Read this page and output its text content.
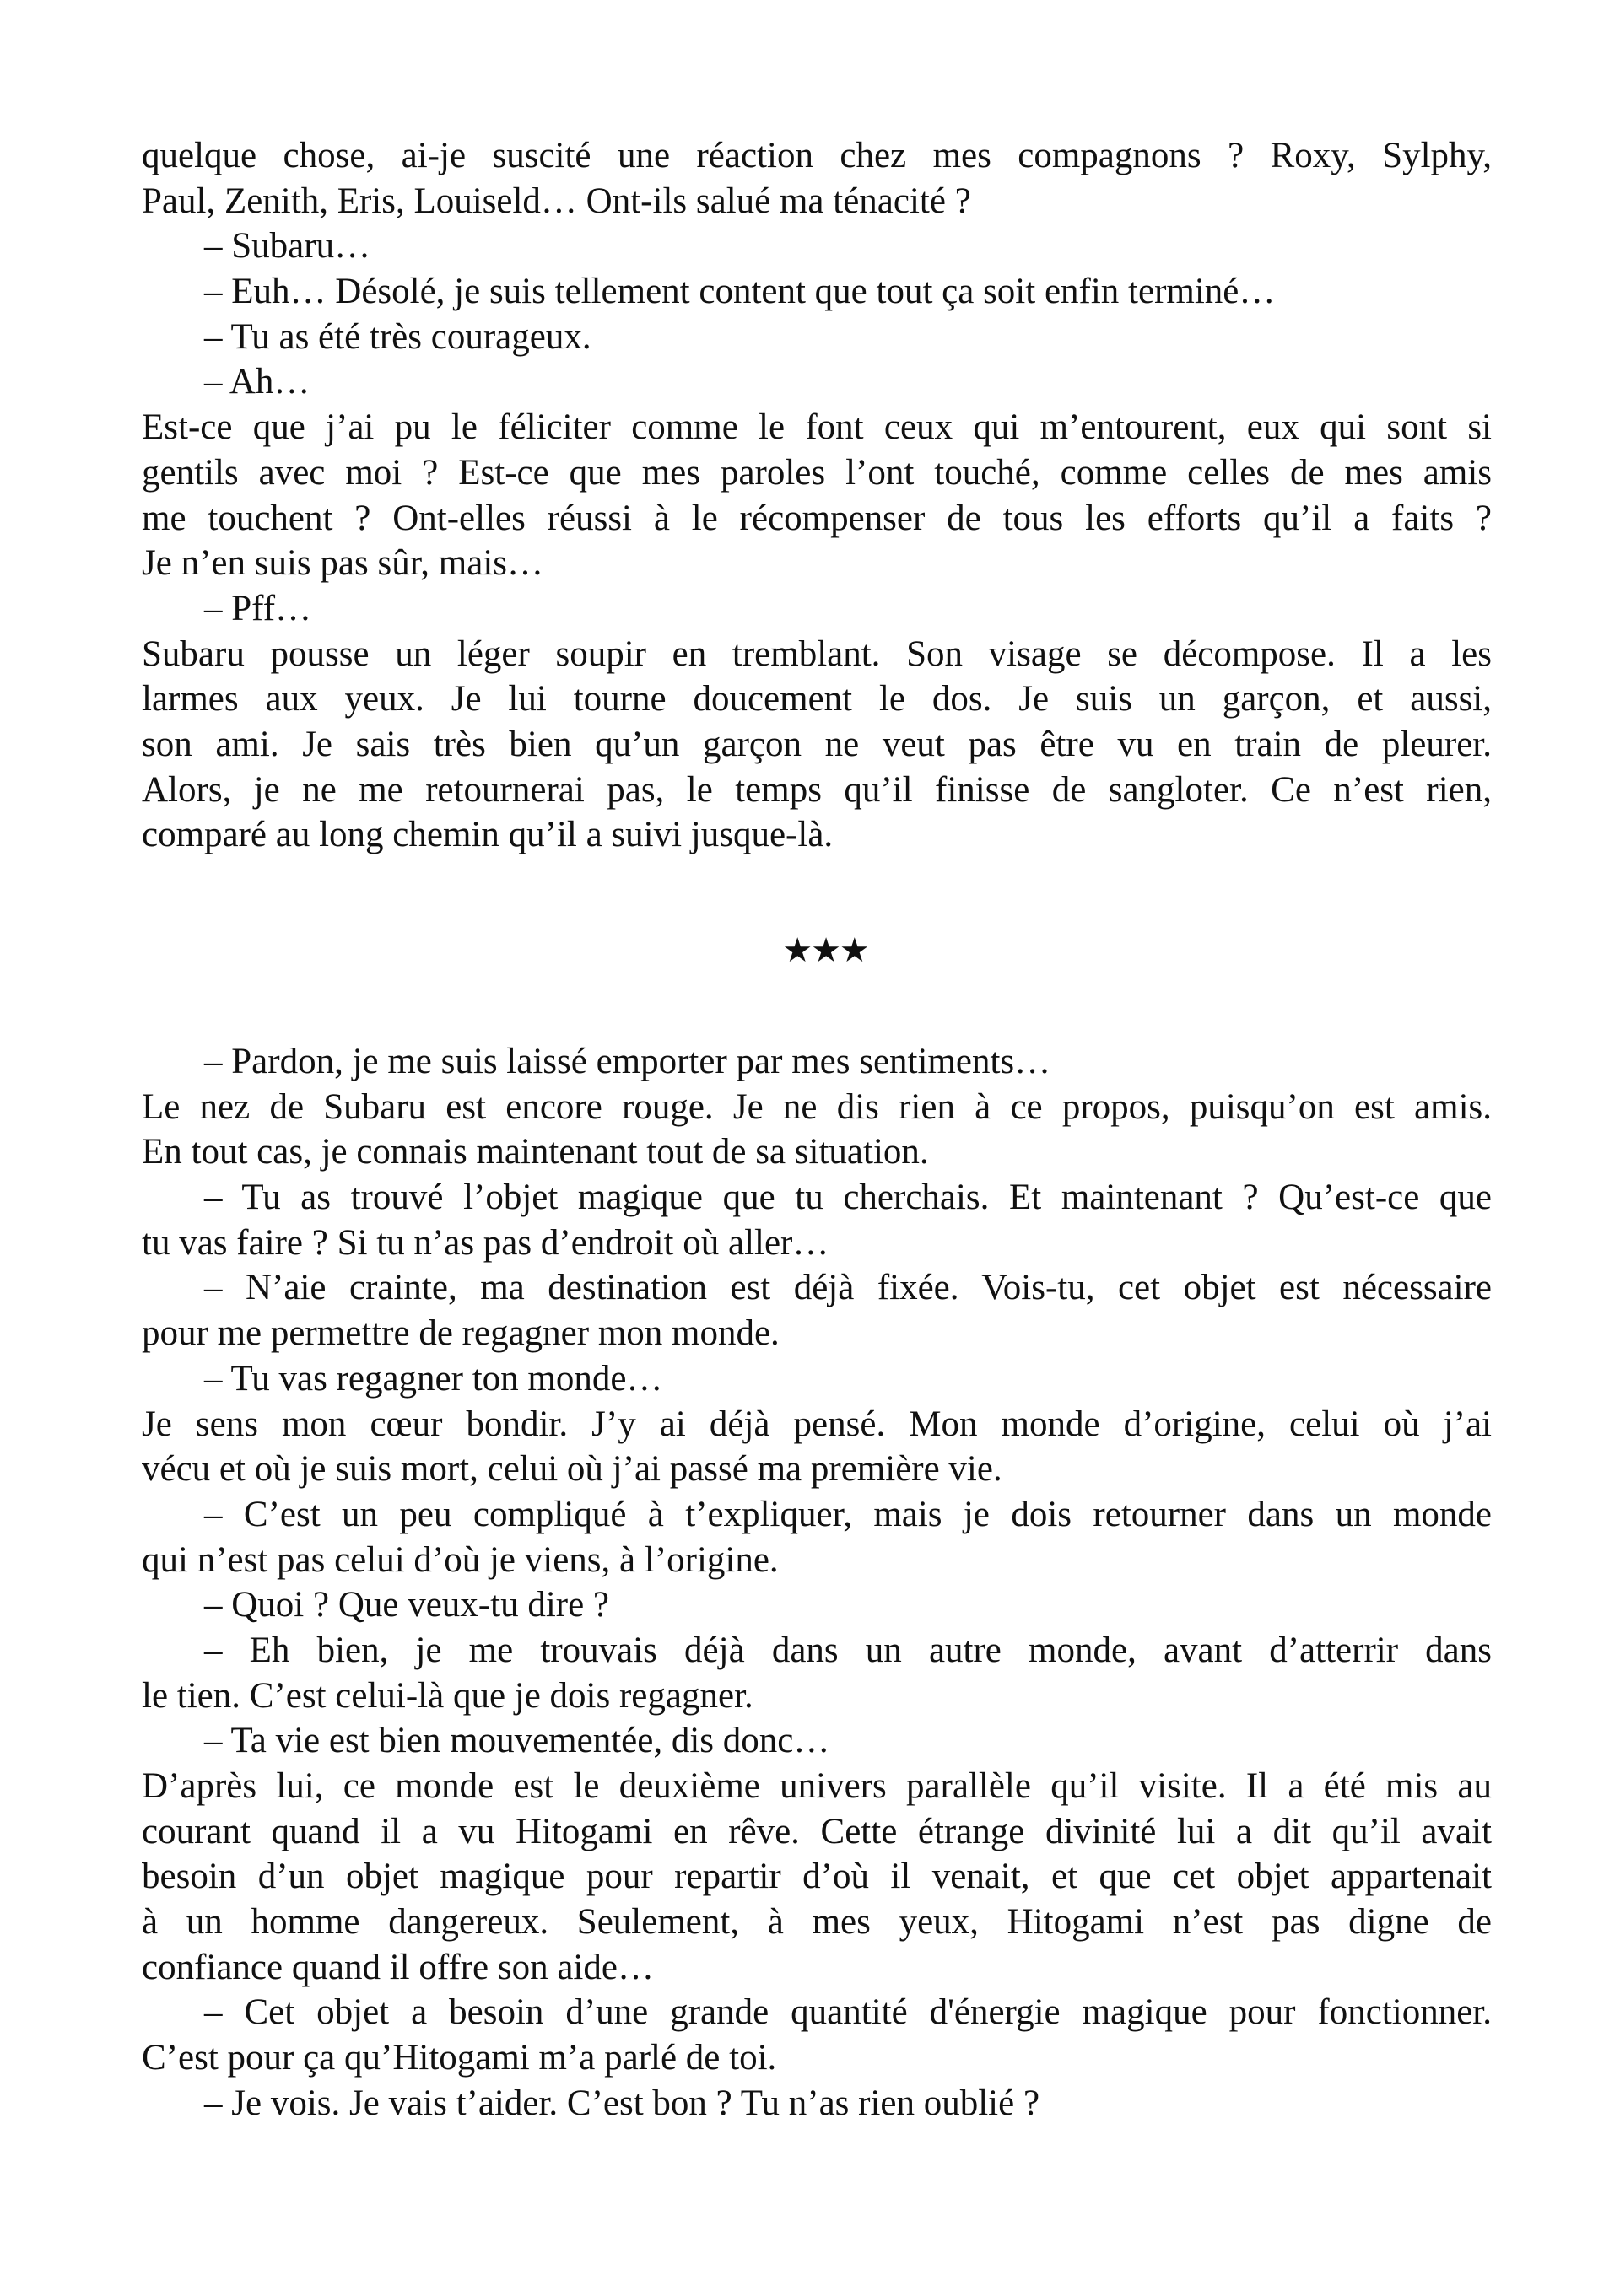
quelque chose, ai-je suscité une réaction chez mes compagnons ? Roxy, Sylphy,
Paul, Zenith, Eris, Louiseld… Ont-ils salué ma ténacité ?
– Subaru…
– Euh… Désolé, je suis tellement content que tout ça soit enfin terminé…
– Tu as été très courageux.
– Ah…
Est-ce que j’ai pu le féliciter comme le font ceux qui m’entourent, eux qui sont si
gentils avec moi ? Est-ce que mes paroles l’ont touché, comme celles de mes amis
me touchent ? Ont-elles réussi à le récompenser de tous les efforts qu’il a faits ?
Je n’en suis pas sûr, mais…
– Pff…
Subaru pousse un léger soupir en tremblant. Son visage se décompose. Il a les
larmes aux yeux. Je lui tourne doucement le dos. Je suis un garçon, et aussi,
son ami. Je sais très bien qu’un garçon ne veut pas être vu en train de pleurer.
Alors, je ne me retournerai pas, le temps qu’il finisse de sangloter. Ce n’est rien,
comparé au long chemin qu’il a suivi jusque-là.
★★★
– Pardon, je me suis laissé emporter par mes sentiments…
Le nez de Subaru est encore rouge. Je ne dis rien à ce propos, puisqu’on est amis.
En tout cas, je connais maintenant tout de sa situation.
– Tu as trouvé l’objet magique que tu cherchais. Et maintenant ? Qu’est-ce que
tu vas faire ? Si tu n’as pas d’endroit où aller…
– N’aie crainte, ma destination est déjà fixée. Vois-tu, cet objet est nécessaire
pour me permettre de regagner mon monde.
– Tu vas regagner ton monde…
Je sens mon cœur bondir. J’y ai déjà pensé. Mon monde d’origine, celui où j’ai
vécu et où je suis mort, celui où j’ai passé ma première vie.
– C’est un peu compliqué à t’expliquer, mais je dois retourner dans un monde
qui n’est pas celui d’où je viens, à l’origine.
– Quoi ? Que veux-tu dire ?
– Eh bien, je me trouvais déjà dans un autre monde, avant d’atterrir dans
le tien. C’est celui-là que je dois regagner.
– Ta vie est bien mouvementée, dis donc…
D’après lui, ce monde est le deuxième univers parallèle qu’il visite. Il a été mis au
courant quand il a vu Hitogami en rêve. Cette étrange divinité lui a dit qu’il avait
besoin d’un objet magique pour repartir d’où il venait, et que cet objet appartenait
à un homme dangereux. Seulement, à mes yeux, Hitogami n’est pas digne de
confiance quand il offre son aide…
– Cet objet a besoin d’une grande quantité d'énergie magique pour fonctionner.
C’est pour ça qu’Hitogami m’a parlé de toi.
– Je vois. Je vais t’aider. C’est bon ? Tu n’as rien oublié ?
